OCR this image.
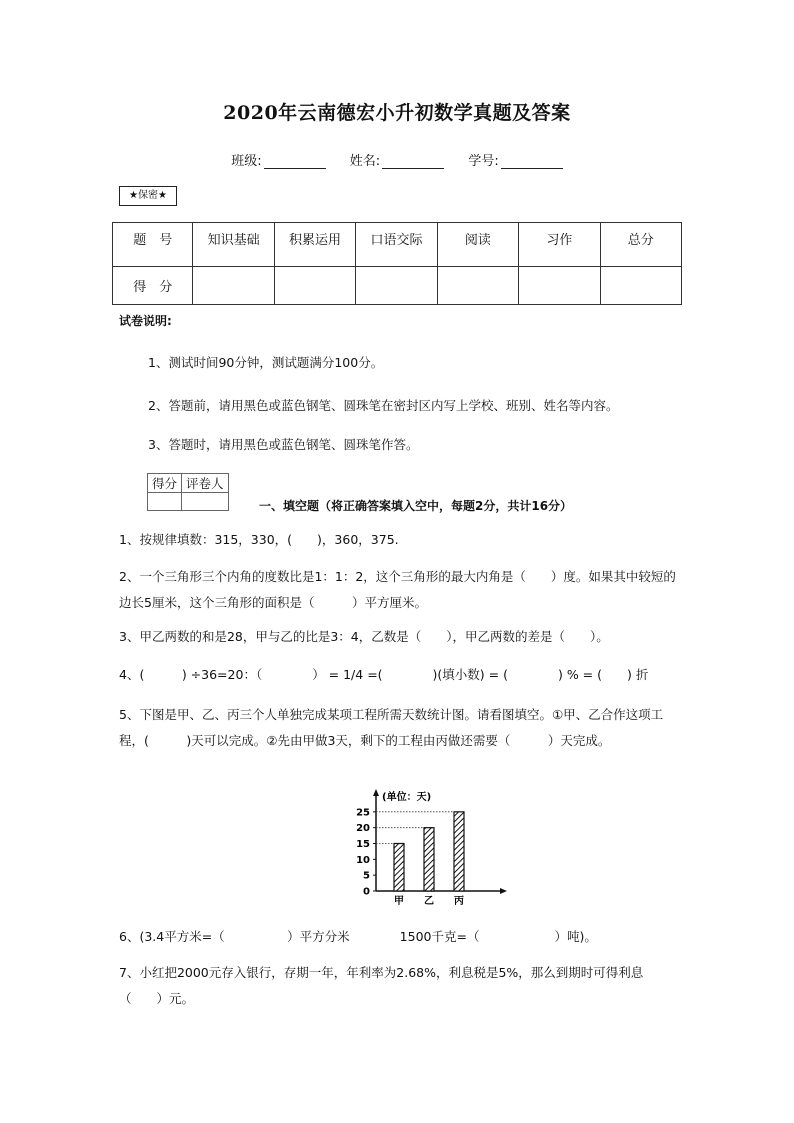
2020年云南德宏小升初数学真题及答案
班级:	姓名:	学号:
★保密★
题　号	知识基础	积累运用	口语交际	阅读	习作	总分
得　分						
试卷说明:
1、测试时间90分钟，测试题满分100分。
2、答题前，请用黑色或蓝色钢笔、圆珠笔在密封区内写上学校、班别、姓名等内容。
3、答题时，请用黑色或蓝色钢笔、圆珠笔作答。
得分	评卷人

一、填空题（将正确答案填入空中，每题2分，共计16分）
1、按规律填数：315，330，(　　)，360，375.
2、一个三角形三个内角的度数比是1：1：2，这个三角形的最大内角是（　　）度。如果其中较短的边长5厘米，这个三角形的面积是（　　　）平方厘米。
3、甲乙两数的和是28，甲与乙的比是3：4，乙数是（　　），甲乙两数的差是（　　）。
4、(　　　) ÷36=20：（　　　　） = 1/4 =(　　　　)(填小数) = (　　　　) % = (　　) 折
5、下图是甲、乙、丙三个人单独完成某项工程所需天数统计图。请看图填空。①甲、乙合作这项工程，(　　　)天可以完成。②先由甲做3天，剩下的工程由丙做还需要（　　　）天完成。
(单位：天)
0
5
10
15
20
25
甲 乙 丙
6、(3.4平方米=（　　　　　）平方分米　　　　1500千克=（　　　　　　）吨)。
7、小红把2000元存入银行，存期一年，年利率为2.68%，利息税是5%，那么到期时可得利息（　　）元。
